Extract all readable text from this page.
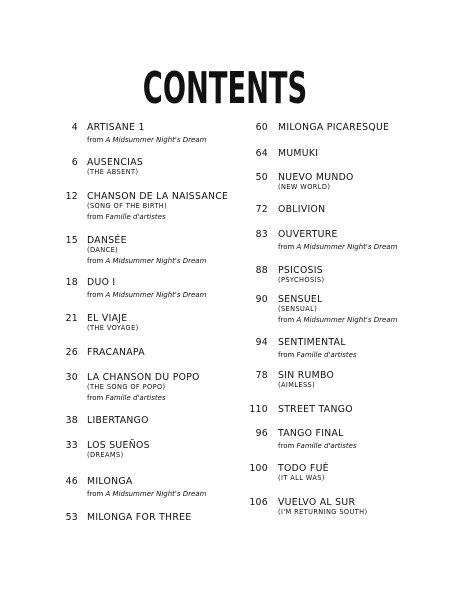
CONTENTS
4 ARTISANE 1
from A Midsummer Night's Dream
6 AUSENCIAS
(THE ABSENT)
12 CHANSON DE LA NAISSANCE
(SONG OF THE BIRTH)
from Famille d'artistes
15 DANSÉE
(DANCE)
from A Midsummer Night's Dream
18 DUO I
from A Midsummer Night's Dream
21 EL VIAJE
(THE VOYAGE)
26 FRACANAPA
30 LA CHANSON DU POPO
(THE SONG OF POPO)
from Famille d'artistes
38 LIBERTANGO
33 LOS SUEÑOS
(DREAMS)
46 MILONGA
from A Midsummer Night's Dream
53 MILONGA FOR THREE
60 MILONGA PICARESQUE
64 MUMUKI
50 NUEVO MUNDO
(NEW WORLD)
72 OBLIVION
83 OUVERTURE
from A Midsummer Night's Dream
88 PSICOSIS
(PSYCHOSIS)
90 SENSUEL
(SENSUAL)
from A Midsummer Night's Dream
94 SENTIMENTAL
from Famille d'artistes
78 SIN RUMBO
(AIMLESS)
110 STREET TANGO
96 TANGO FINAL
from Famille d'artistes
100 TODO FUÉ
(IT ALL WAS)
106 VUELVO AL SUR
(I'M RETURNING SOUTH)
